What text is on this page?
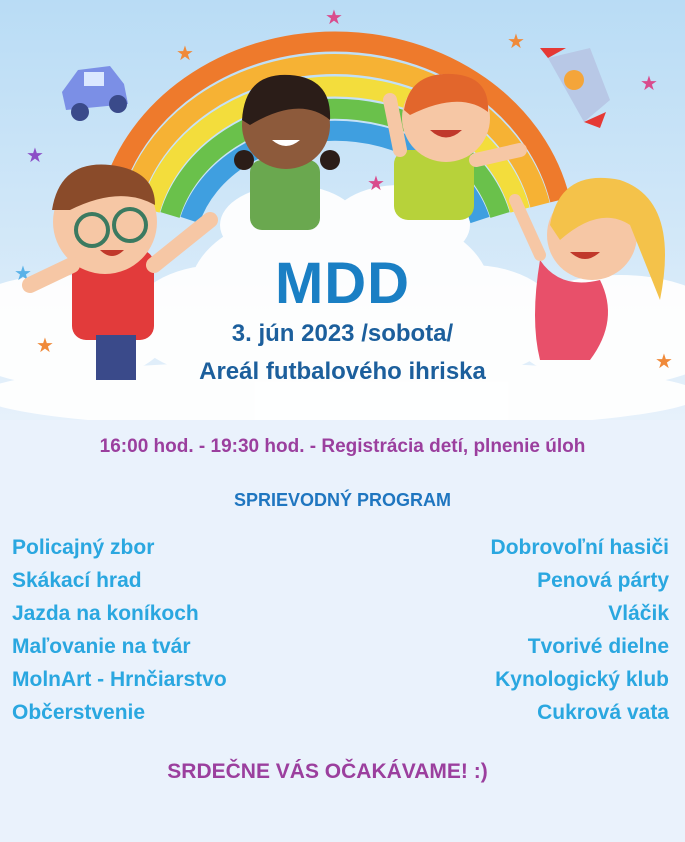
★
★	★
★
★
★
★
★
★	MDD
3. jún 2023 /sobota/
Areál futbalového ihriska
16:00 hod. - 19:30 hod. - Registrácia detí, plnenie úloh
SPRIEVODNÝ PROGRAM
Policajný zbor
Skákací hrad
Jazda na koníkoch
Maľovanie na tvár
MolnArt - Hrnčiarstvo
Občerstvenie
Dobrovoľní hasiči
Penová párty
Vláčik
Tvorivé dielne
Kynologický klub
Cukrová vata
SRDEČNE VÁS OČAKÁVAME! :)
